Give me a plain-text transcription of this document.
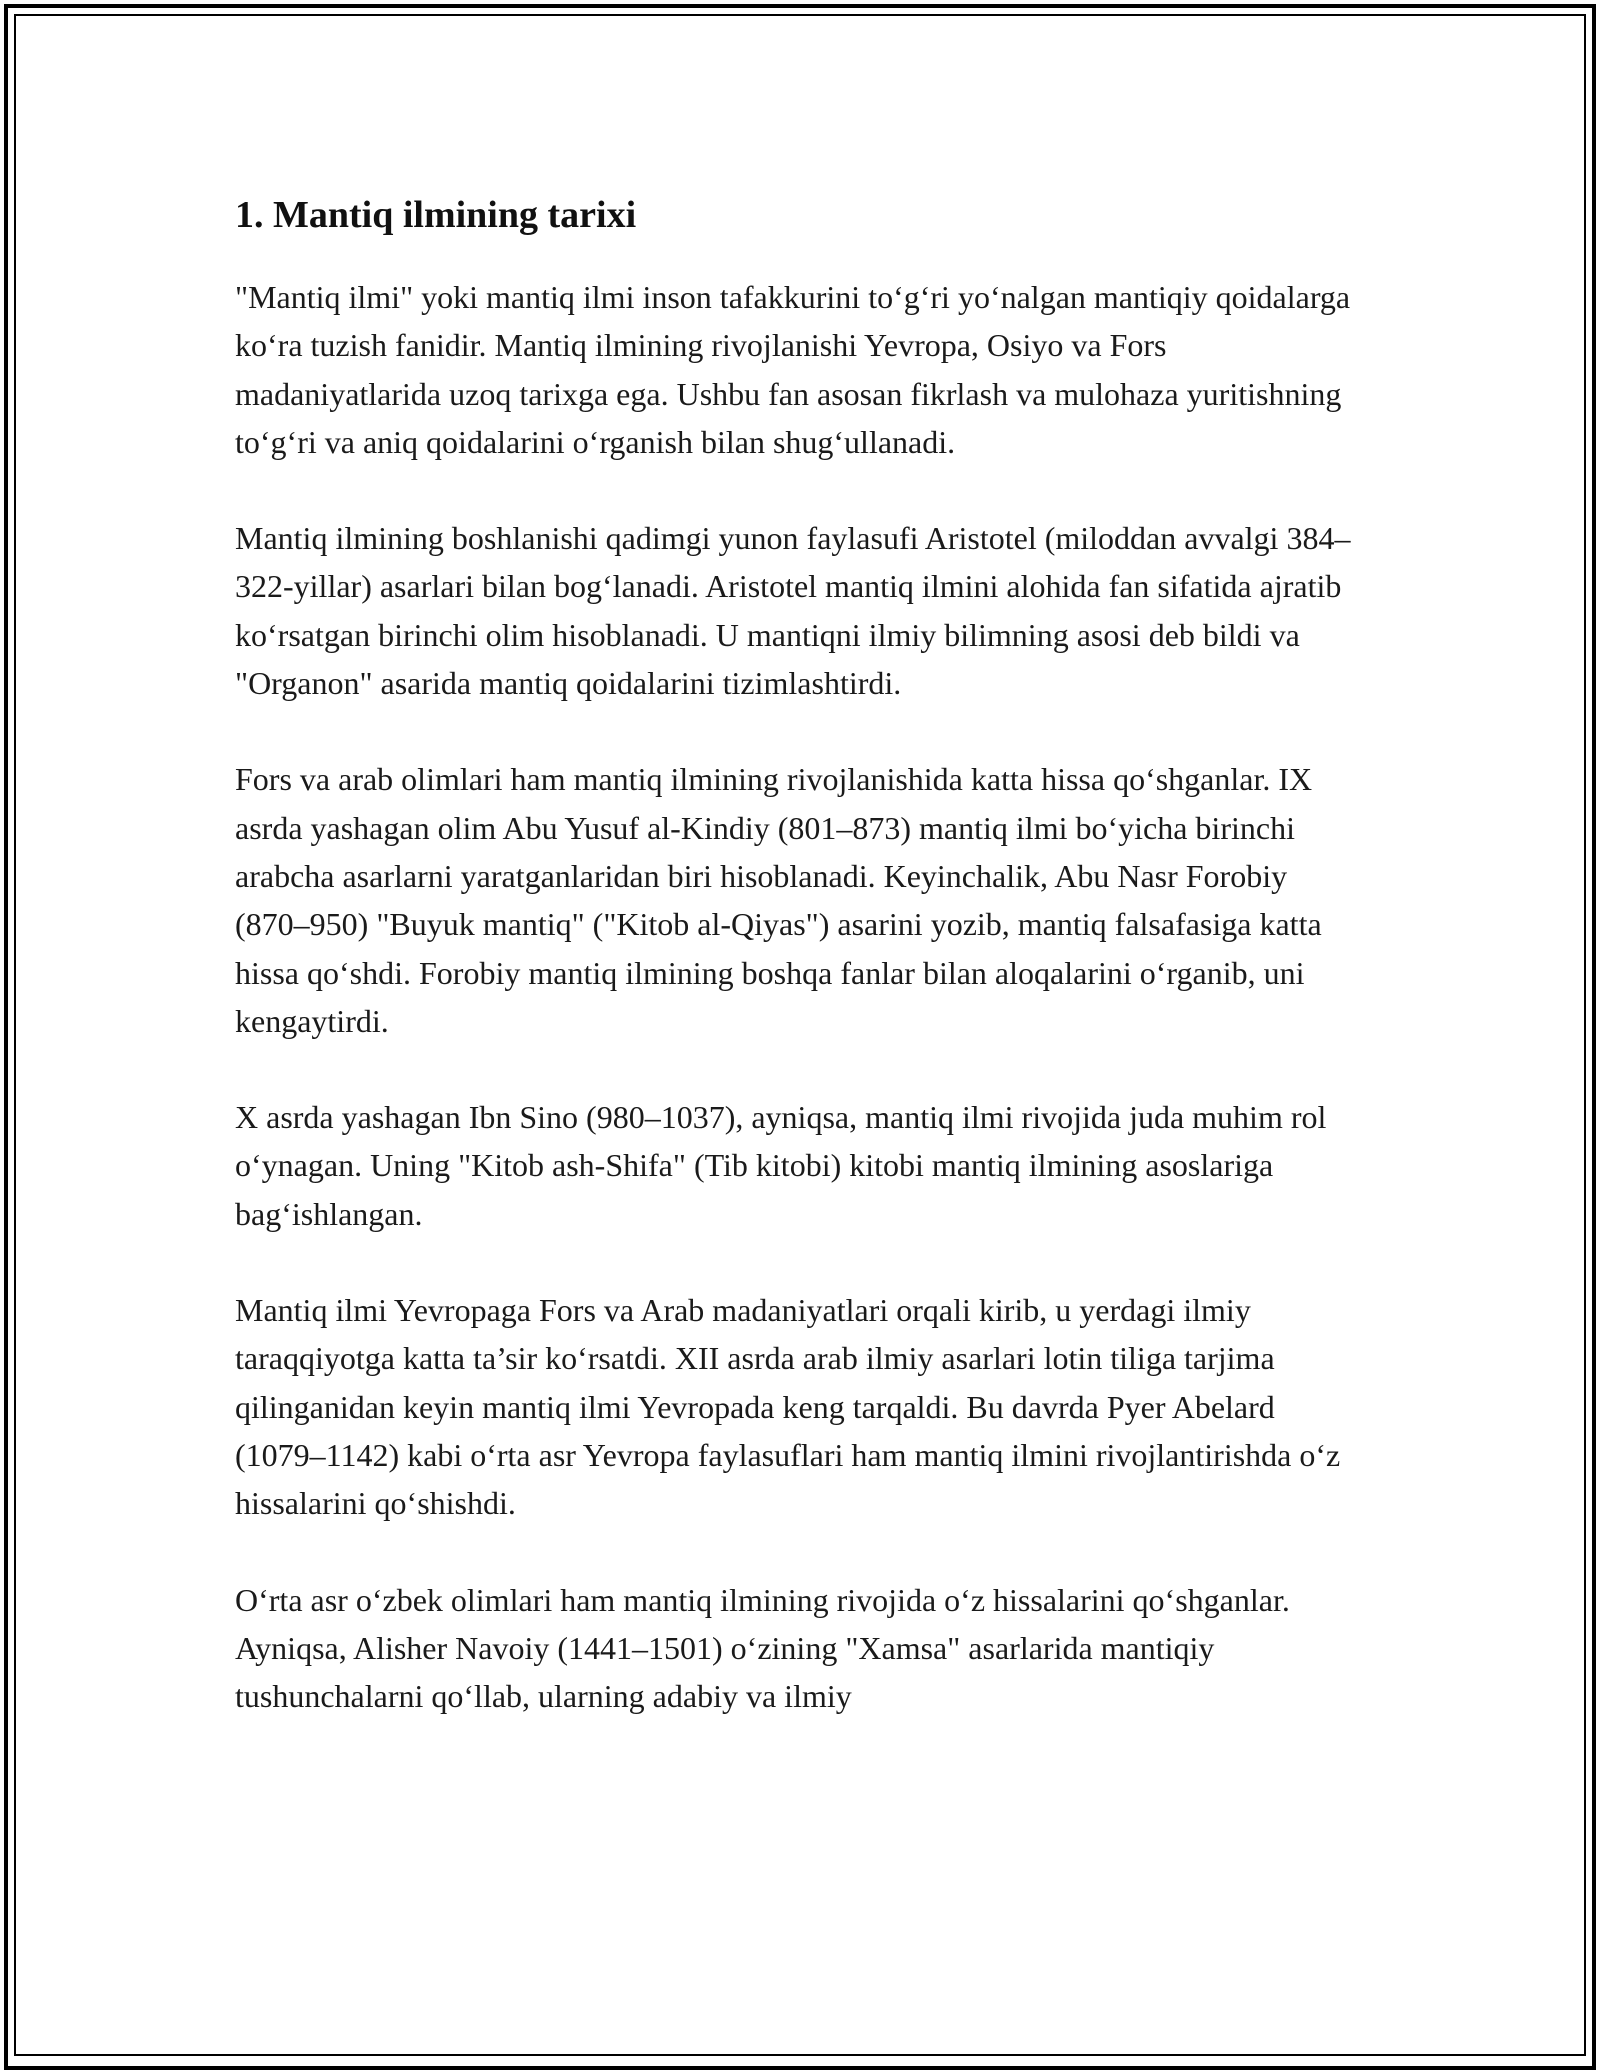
1. Mantiq ilmining tarixi

"Mantiq ilmi" yoki mantiq ilmi inson tafakkurini to‘g‘ri yo‘nalgan mantiqiy qoidalarga ko‘ra tuzish fanidir. Mantiq ilmining rivojlanishi Yevropa, Osiyo va Fors madaniyatlarida uzoq tarixga ega. Ushbu fan asosan fikrlash va mulohaza yuritishning to‘g‘ri va aniq qoidalarini o‘rganish bilan shug‘ullanadi.

Mantiq ilmining boshlanishi qadimgi yunon faylasufi Aristotel (miloddan avvalgi 384–322-yillar) asarlari bilan bog‘lanadi. Aristotel mantiq ilmini alohida fan sifatida ajratib ko‘rsatgan birinchi olim hisoblanadi. U mantiqni ilmiy bilimning asosi deb bildi va "Organon" asarida mantiq qoidalarini tizimlashtirdi.

Fors va arab olimlari ham mantiq ilmining rivojlanishida katta hissa qo‘shganlar. IX asrda yashagan olim Abu Yusuf al-Kindiy (801–873) mantiq ilmi bo‘yicha birinchi arabcha asarlarni yaratganlaridan biri hisoblanadi. Keyinchalik, Abu Nasr Forobiy (870–950) "Buyuk mantiq" ("Kitob al-Qiyas") asarini yozib, mantiq falsafasiga katta hissa qo‘shdi. Forobiy mantiq ilmining boshqa fanlar bilan aloqalarini o‘rganib, uni kengaytirdi.

X asrda yashagan Ibn Sino (980–1037), ayniqsa, mantiq ilmi rivojida juda muhim rol o‘ynagan. Uning "Kitob ash-Shifa" (Tib kitobi) kitobi mantiq ilmining asoslariga bag‘ishlangan.

Mantiq ilmi Yevropaga Fors va Arab madaniyatlari orqali kirib, u yerdagi ilmiy taraqqiyotga katta ta’sir ko‘rsatdi. XII asrda arab ilmiy asarlari lotin tiliga tarjima qilinganidan keyin mantiq ilmi Yevropada keng tarqaldi. Bu davrda Pyer Abelard (1079–1142) kabi o‘rta asr Yevropa faylasuflari ham mantiq ilmini rivojlantirishda o‘z hissalarini qo‘shishdi.

O‘rta asr o‘zbek olimlari ham mantiq ilmining rivojida o‘z hissalarini qo‘shganlar. Ayniqsa, Alisher Navoiy (1441–1501) o‘zining "Xamsa" asarlarida mantiqiy tushunchalarni qo‘llab, ularning adabiy va ilmiy
